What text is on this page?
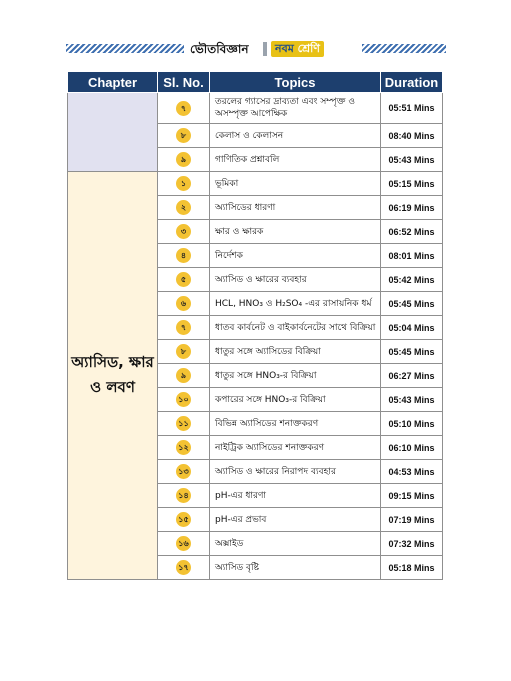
ভৌতবিজ্ঞান	নবম শ্রেণি
Chapter	Sl. No.	Topics	Duration
	৭	তরলের গ্যাসের দ্রাব্যতা এবং সম্পৃক্ত ও অসম্পৃক্ত আপেক্ষিক	05:51 Mins
	৮	কেলাস ও কেলাসন	08:40 Mins
	৯	গাণিতিক প্রশ্নাবলি	05:43 Mins
অ্যাসিড, ক্ষার ও লবণ	১	ভূমিকা	05:15 Mins
	২	অ্যাসিডের ধারণা	06:19 Mins
	৩	ক্ষার ও ক্ষারক	06:52 Mins
	৪	নির্দেশক	08:01 Mins
	৫	অ্যাসিড ও ক্ষারের ব্যবহার	05:42 Mins
	৬	HCL, HNO₃ ও H₂SO₄ -এর রাসায়নিক ধর্ম	05:45 Mins
	৭	ধাতব কার্বনেট ও বাইকার্বনেটের সাথে বিক্রিয়া	05:04 Mins
	৮	ধাতুর সঙ্গে অ্যাসিডের বিক্রিয়া	05:45 Mins
	৯	ধাতুর সঙ্গে HNO₃-র বিক্রিয়া	06:27 Mins
	১০	কপারের সঙ্গে HNO₃-র বিক্রিয়া	05:43 Mins
	১১	বিভিন্ন অ্যাসিডের শনাক্তকরণ	05:10 Mins
	১২	নাইট্রিক অ্যাসিডের শনাক্তকরণ	06:10 Mins
	১৩	অ্যাসিড ও ক্ষারের নিরাপদ ব্যবহার	04:53 Mins
	১৪	pH-এর ধারণা	09:15 Mins
	১৫	pH-এর প্রভাব	07:19 Mins
	১৬	অক্সাইড	07:32 Mins
	১৭	অ্যাসিড বৃষ্টি	05:18 Mins
